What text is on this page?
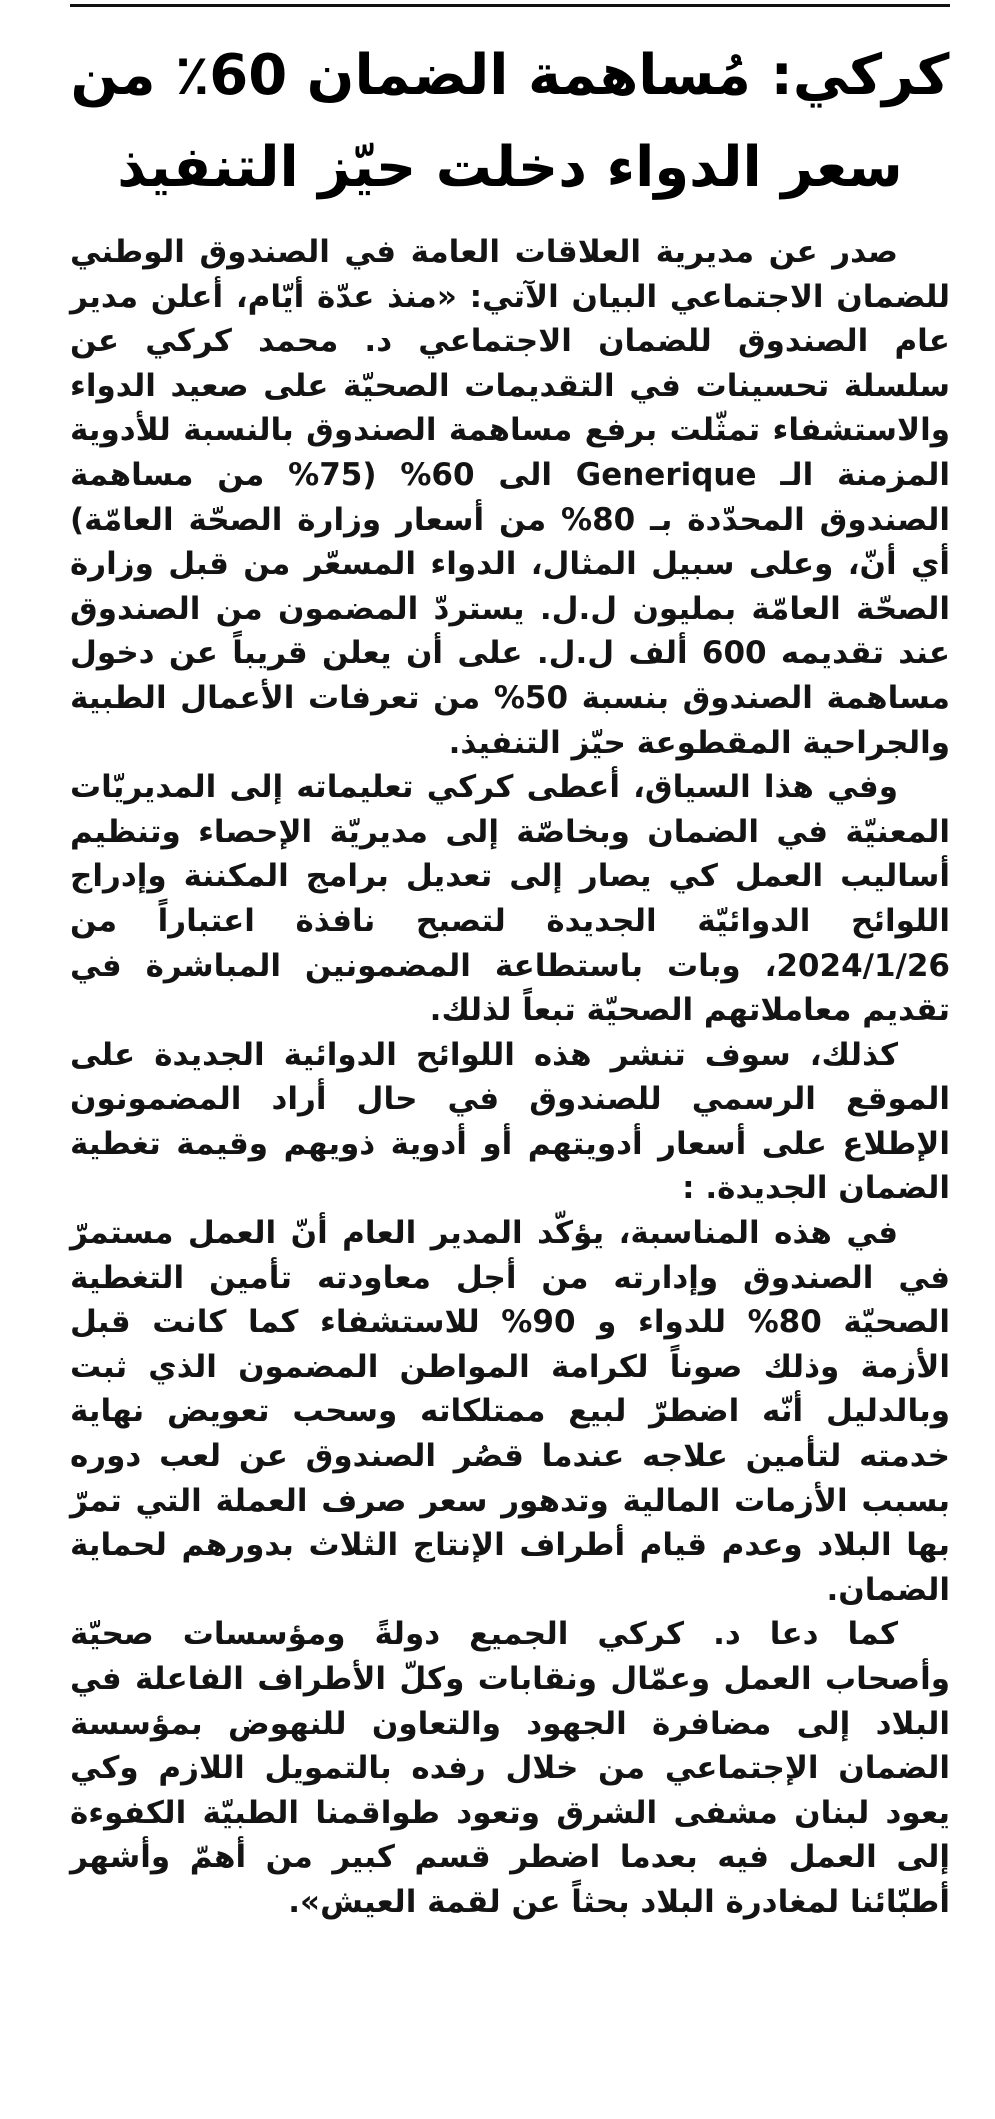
كركي: مُساهمة الضمان 60٪ من سعر الدواء دخلت حيّز التنفيذ

صدر عن مديرية العلاقات العامة في الصندوق الوطني للضمان الاجتماعي البيان الآتي: «منذ عدّة أيّام، أعلن مدير عام الصندوق للضمان الاجتماعي د. محمد كركي عن سلسلة تحسينات في التقديمات الصحيّة على صعيد الدواء والاستشفاء تمثّلت برفع مساهمة الصندوق بالنسبة للأدوية المزمنة الـ Generique الى 60% (75% من مساهمة الصندوق المحدّدة بـ 80% من أسعار وزارة الصحّة العامّة) أي أنّ، وعلى سبيل المثال، الدواء المسعّر من قبل وزارة الصحّة العامّة بمليون ل.ل. يستردّ المضمون من الصندوق عند تقديمه 600 ألف ل.ل. على أن يعلن قريباً عن دخول مساهمة الصندوق بنسبة 50% من تعرفات الأعمال الطبية والجراحية المقطوعة حيّز التنفيذ.

وفي هذا السياق، أعطى كركي تعليماته إلى المديريّات المعنيّة في الضمان وبخاصّة إلى مديريّة الإحصاء وتنظيم أساليب العمل كي يصار إلى تعديل برامج المكننة وإدراج اللوائح الدوائيّة الجديدة لتصبح نافذة اعتباراً من 2024/1/26، وبات باستطاعة المضمونين المباشرة في تقديم معاملاتهم الصحيّة تبعاً لذلك.

كذلك، سوف تنشر هذه اللوائح الدوائية الجديدة على الموقع الرسمي للصندوق في حال أراد المضمونون الإطلاع على أسعار أدويتهم أو أدوية ذويهم وقيمة تغطية الضمان الجديدة. :

في هذه المناسبة، يؤكّد المدير العام أنّ العمل مستمرّ في الصندوق وإدارته من أجل معاودته تأمين التغطية الصحيّة 80% للدواء و 90% للاستشفاء كما كانت قبل الأزمة وذلك صوناً لكرامة المواطن المضمون الذي ثبت وبالدليل أنّه اضطرّ لبيع ممتلكاته وسحب تعويض نهاية خدمته لتأمين علاجه عندما قصُر الصندوق عن لعب دوره بسبب الأزمات المالية وتدهور سعر صرف العملة التي تمرّ بها البلاد وعدم قيام أطراف الإنتاج الثلاث بدورهم لحماية الضمان.

كما دعا د. كركي الجميع دولةً ومؤسسات صحيّة وأصحاب العمل وعمّال ونقابات وكلّ الأطراف الفاعلة في البلاد إلى مضافرة الجهود والتعاون للنهوض بمؤسسة الضمان الإجتماعي من خلال رفده بالتمويل اللازم وكي يعود لبنان مشفى الشرق وتعود طواقمنا الطبيّة الكفوءة إلى العمل فيه بعدما اضطر قسم كبير من أهمّ وأشهر أطبّائنا لمغادرة البلاد بحثاً عن لقمة العيش».
